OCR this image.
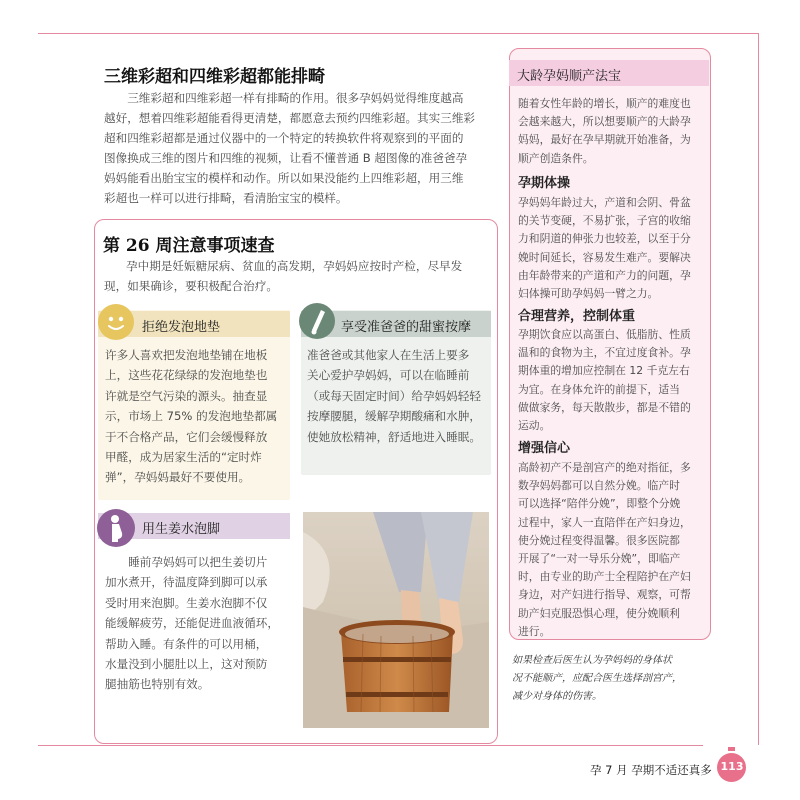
三维彩超和四维彩超都能排畸
　　三维彩超和四维彩超一样有排畸的作用。很多孕妈妈觉得维度越高
越好，想着四维彩超能看得更清楚，都愿意去预约四维彩超。其实三维彩
超和四维彩超都是通过仪器中的一个特定的转换软件将观察到的平面的
图像换成三维的图片和四维的视频，让看不懂普通 B 超图像的准爸爸孕
妈妈能看出胎宝宝的模样和动作。所以如果没能约上四维彩超，用三维
彩超也一样可以进行排畸，看清胎宝宝的模样。
第 26 周注意事项速查
孕中期是妊娠糖尿病、贫血的高发期，孕妈妈应按时产检，尽早发
现，如果确诊，要积极配合治疗。
拒绝发泡地垫
许多人喜欢把发泡地垫铺在地板
上，这些花花绿绿的发泡地垫也
许就是空气污染的源头。抽查显
示，市场上 75% 的发泡地垫都属
于不合格产品，它们会缓慢释放
甲醛，成为居家生活的“定时炸
弹”，孕妈妈最好不要使用。
享受准爸爸的甜蜜按摩
准爸爸或其他家人在生活上要多
关心爱护孕妈妈，可以在临睡前
（或每天固定时间）给孕妈妈轻轻
按摩腰腿，缓解孕期酸痛和水肿，
使她放松精神，舒适地进入睡眠。
用生姜水泡脚
　　睡前孕妈妈可以把生姜切片
加水煮开，待温度降到脚可以承
受时用来泡脚。生姜水泡脚不仅
能缓解疲劳，还能促进血液循环，
帮助入睡。有条件的可以用桶，
水量没到小腿肚以上，这对预防
腿抽筋也特别有效。
大龄孕妈顺产法宝
随着女性年龄的增长，顺产的难度也
会越来越大，所以想要顺产的大龄孕
妈妈，最好在孕早期就开始准备，为
顺产创造条件。
孕期体操
孕妈妈年龄过大，产道和会阴、骨盆
的关节变硬，不易扩张，子宫的收缩
力和阴道的伸张力也较差，以至于分
娩时间延长，容易发生难产。要解决
由年龄带来的产道和产力的问题，孕
妇体操可助孕妈妈一臂之力。
合理营养，控制体重
孕期饮食应以高蛋白、低脂肪、性质
温和的食物为主，不宜过度食补。孕
期体重的增加应控制在 12 千克左右
为宜。在身体允许的前提下，适当
做做家务，每天散散步，都是不错的
运动。
增强信心
高龄初产不是剖宫产的绝对指征，多
数孕妈妈都可以自然分娩。临产时
可以选择“陪伴分娩”，即整个分娩
过程中，家人一直陪伴在产妇身边，
使分娩过程变得温馨。很多医院都
开展了“一对一导乐分娩”，即临产
时，由专业的助产士全程陪护在产妇
身边，对产妇进行指导、观察，可帮
助产妇克服恐惧心理，使分娩顺利
进行。
如果检查后医生认为孕妈妈的身体状
况不能顺产，应配合医生选择剖宫产，
减少对身体的伤害。
孕 7 月 孕期不适还真多 113
